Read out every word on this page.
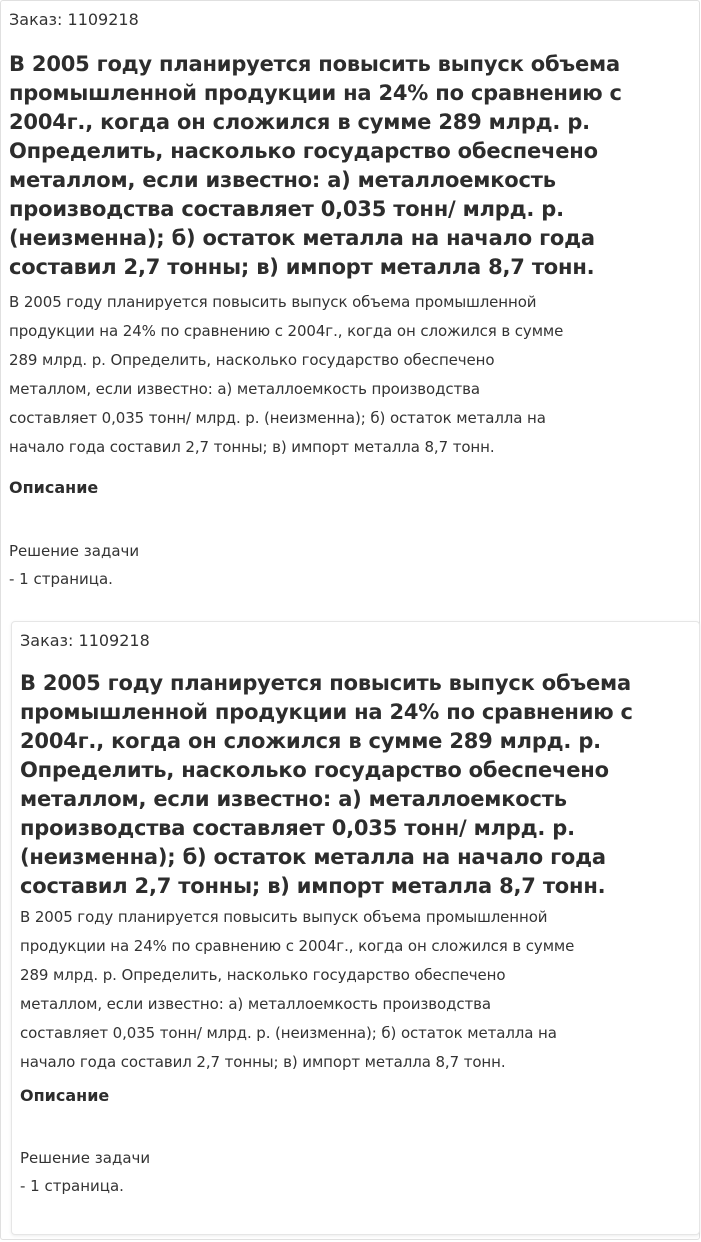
Заказ: 1109218
В 2005 году планируется повысить выпуск объема
промышленной продукции на 24% по сравнению с
2004г., когда он сложился в сумме 289 млрд. р.
Определить, насколько государство обеспечено
металлом, если известно: а) металлоемкость
производства составляет 0,035 тонн/ млрд. р.
(неизменна); б) остаток металла на начало года
составил 2,7 тонны; в) импорт металла 8,7 тонн.
В 2005 году планируется повысить выпуск объема промышленной
продукции на 24% по сравнению с 2004г., когда он сложился в сумме
289 млрд. р. Определить, насколько государство обеспечено
металлом, если известно: а) металлоемкость производства
составляет 0,035 тонн/ млрд. р. (неизменна); б) остаток металла на
начало года составил 2,7 тонны; в) импорт металла 8,7 тонн.
Описание
Решение задачи
- 1 страница.
Заказ: 1109218
В 2005 году планируется повысить выпуск объема
промышленной продукции на 24% по сравнению с
2004г., когда он сложился в сумме 289 млрд. р.
Определить, насколько государство обеспечено
металлом, если известно: а) металлоемкость
производства составляет 0,035 тонн/ млрд. р.
(неизменна); б) остаток металла на начало года
составил 2,7 тонны; в) импорт металла 8,7 тонн.
В 2005 году планируется повысить выпуск объема промышленной
продукции на 24% по сравнению с 2004г., когда он сложился в сумме
289 млрд. р. Определить, насколько государство обеспечено
металлом, если известно: а) металлоемкость производства
составляет 0,035 тонн/ млрд. р. (неизменна); б) остаток металла на
начало года составил 2,7 тонны; в) импорт металла 8,7 тонн.
Описание
Решение задачи
- 1 страница.
